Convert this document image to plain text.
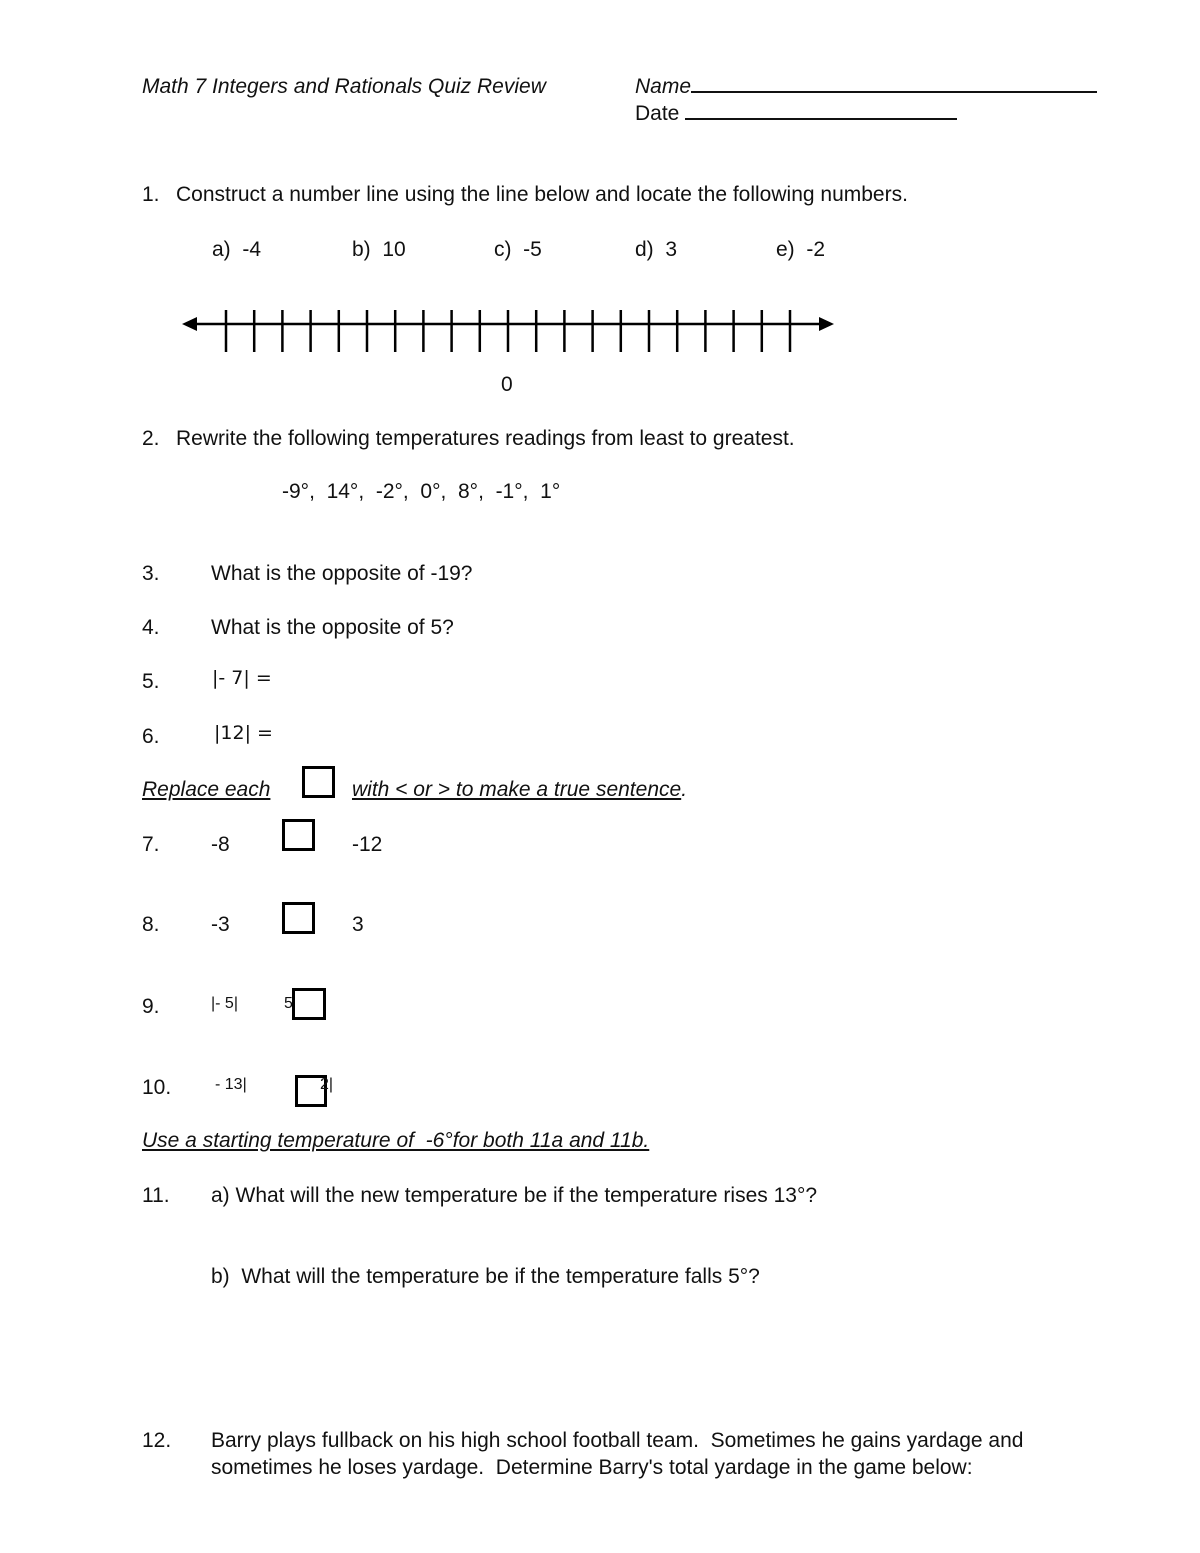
Math 7 Integers and Rationals Quiz Review	Name
Date
1. Construct a number line using the line below and locate the following numbers.
a) -4	b) 10	c) -5	d) 3	e) -2
0
2. Rewrite the following temperatures readings from least to greatest.
-9°,  14°,  -2°,  0°,  8°,  -1°,  1°
3. What is the opposite of -19?
4. What is the opposite of 5?
5.	|- 7| =
6.	|12| =
Replace each	with < or > to make a true sentence.
7. -8	-12
8. -3	3
9.	|- 5|	5
10.	- 13|	2|
Use a starting temperature of  -6°for both 11a and 11b.
11. a) What will the new temperature be if the temperature rises 13°?
b)  What will the temperature be if the temperature falls 5°?
12. Barry plays fullback on his high school football team.  Sometimes he gains yardage and
sometimes he loses yardage.  Determine Barry's total yardage in the game below:
